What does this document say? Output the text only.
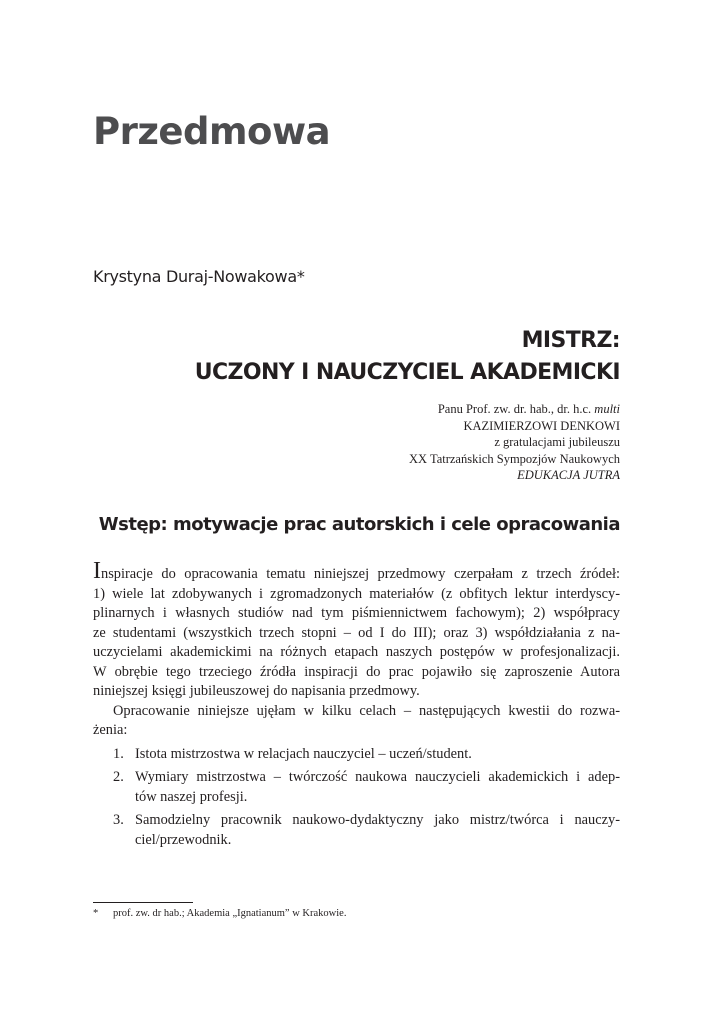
Przedmowa

Krystyna Duraj-Nowakowa*

MISTRZ:
UCZONY I NAUCZYCIEL AKADEMICKI
Panu Prof. zw. dr. hab., dr. h.c. multi
KAZIMIERZOWI DENKOWI
z gratulacjami jubileuszu
XX Tatrzańskich Sympozjów Naukowych
EDUKACJA JUTRA
Wstęp: motywacje prac autorskich i cele opracowania

Inspiracje do opracowania tematu niniejszej przedmowy czerpałam z trzech źródeł:
1) wiele lat zdobywanych i zgromadzonych materiałów (z obfitych lektur interdyscy-
plinarnych i własnych studiów nad tym piśmiennictwem fachowym); 2) współpracy
ze studentami (wszystkich trzech stopni – od I do III); oraz 3) współdziałania z na-
uczycielami akademickimi na różnych etapach naszych postępów w profesjonalizacji.
W obrębie tego trzeciego źródła inspiracji do prac pojawiło się zaproszenie Autora
niniejszej księgi jubileuszowej do napisania przedmowy.

Opracowanie niniejsze ujęłam w kilku celach – następujących kwestii do rozwa-
żenia:

1. Istota mistrzostwa w relacjach nauczyciel – uczeń/student.
2. Wymiary mistrzostwa – twórczość naukowa nauczycieli akademickich i adep-
tów naszej profesji.
3. Samodzielny pracownik naukowo-dydaktyczny jako mistrz/twórca i nauczy-
ciel/przewodnik.
* prof. zw. dr hab.; Akademia „Ignatianum” w Krakowie.
